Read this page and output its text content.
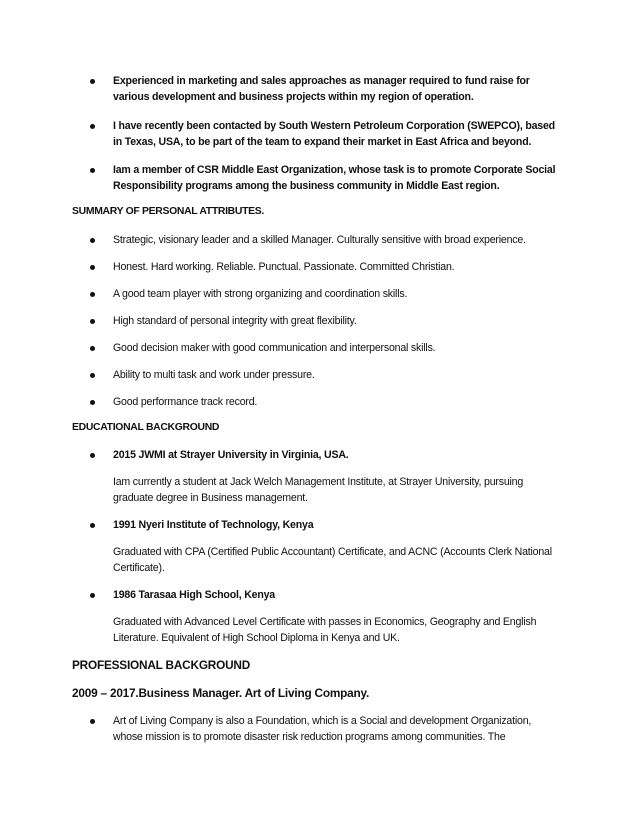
Experienced in marketing and sales approaches as manager required to fund raise for various development and business projects within my region of operation.
I have recently been contacted by South Western Petroleum Corporation (SWEPCO), based in Texas, USA, to be part of the team to expand their market in East Africa and beyond.
Iam a member of CSR Middle East Organization, whose task is to promote Corporate Social Responsibility programs among the business community in Middle East region.
SUMMARY OF PERSONAL ATTRIBUTES.
Strategic, visionary leader and a skilled Manager. Culturally sensitive with broad experience.
Honest. Hard working. Reliable. Punctual. Passionate. Committed Christian.
A good team player with strong organizing and coordination skills.
High standard of personal integrity with great flexibility.
Good decision maker with good communication and interpersonal skills.
Ability to multi task and work under pressure.
Good performance track record.
EDUCATIONAL BACKGROUND
2015 JWMI at Strayer University in Virginia, USA.
Iam currently a student at Jack Welch Management Institute, at Strayer University, pursuing graduate degree in Business management.
1991 Nyeri Institute of Technology, Kenya
Graduated with CPA (Certified Public Accountant) Certificate, and ACNC (Accounts Clerk National Certificate).
1986 Tarasaa High School, Kenya
Graduated with Advanced Level Certificate with passes in Economics, Geography and English Literature. Equivalent of High School Diploma in Kenya and UK.
PROFESSIONAL BACKGROUND
2009 – 2017.Business Manager. Art of Living Company.
Art of Living Company is also a Foundation, which is a Social and development Organization, whose mission is to promote disaster risk reduction programs among communities. The
